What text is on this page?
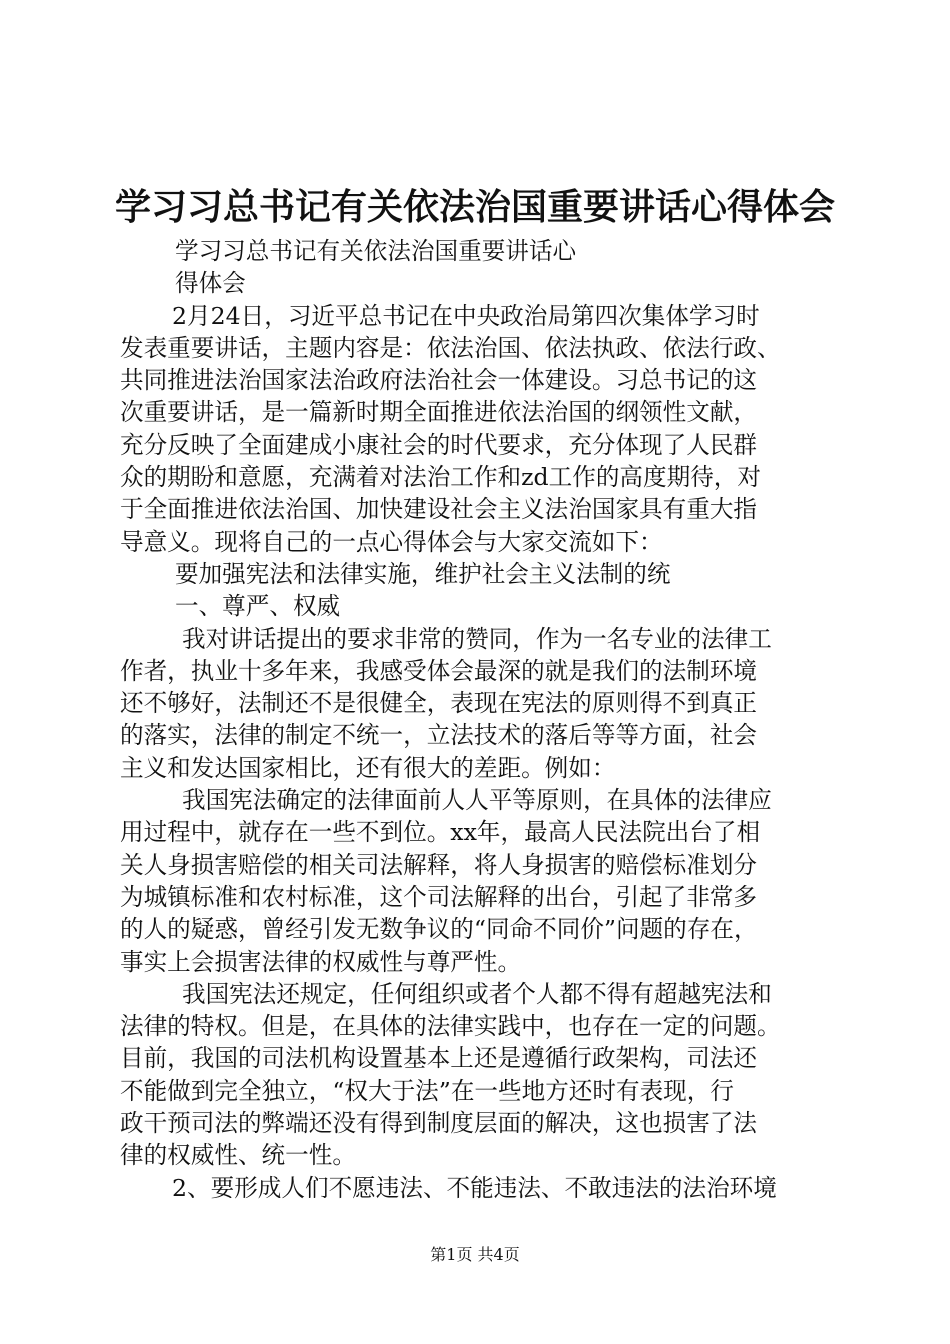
学习习总书记有关依法治国重要讲话心得体会
学习习总书记有关依法治国重要讲话心
得体会
2月24日，习近平总书记在中央政治局第四次集体学习时
发表重要讲话，主题内容是：依法治国、依法执政、依法行政、
共同推进法治国家法治政府法治社会一体建设。习总书记的这
次重要讲话，是一篇新时期全面推进依法治国的纲领性文献，
充分反映了全面建成小康社会的时代要求，充分体现了人民群
众的期盼和意愿，充满着对法治工作和zd工作的高度期待，对
于全面推进依法治国、加快建设社会主义法治国家具有重大指
导意义。现将自己的一点心得体会与大家交流如下：
要加强宪法和法律实施，维护社会主义法制的统
一、尊严、权威
我对讲话提出的要求非常的赞同，作为一名专业的法律工
作者，执业十多年来，我感受体会最深的就是我们的法制环境
还不够好，法制还不是很健全，表现在宪法的原则得不到真正
的落实，法律的制定不统一，立法技术的落后等等方面，社会
主义和发达国家相比，还有很大的差距。例如：
我国宪法确定的法律面前人人平等原则，在具体的法律应
用过程中，就存在一些不到位。xx年，最高人民法院出台了相
关人身损害赔偿的相关司法解释，将人身损害的赔偿标准划分
为城镇标准和农村标准，这个司法解释的出台，引起了非常多
的人的疑惑，曾经引发无数争议的“同命不同价”问题的存在，
事实上会损害法律的权威性与尊严性。
我国宪法还规定，任何组织或者个人都不得有超越宪法和
法律的特权。但是，在具体的法律实践中，也存在一定的问题。
目前，我国的司法机构设置基本上还是遵循行政架构，司法还
不能做到完全独立，“权大于法”在一些地方还时有表现，行
政干预司法的弊端还没有得到制度层面的解决，这也损害了法
律的权威性、统一性。
2、要形成人们不愿违法、不能违法、不敢违法的法治环境
第1页 共4页
